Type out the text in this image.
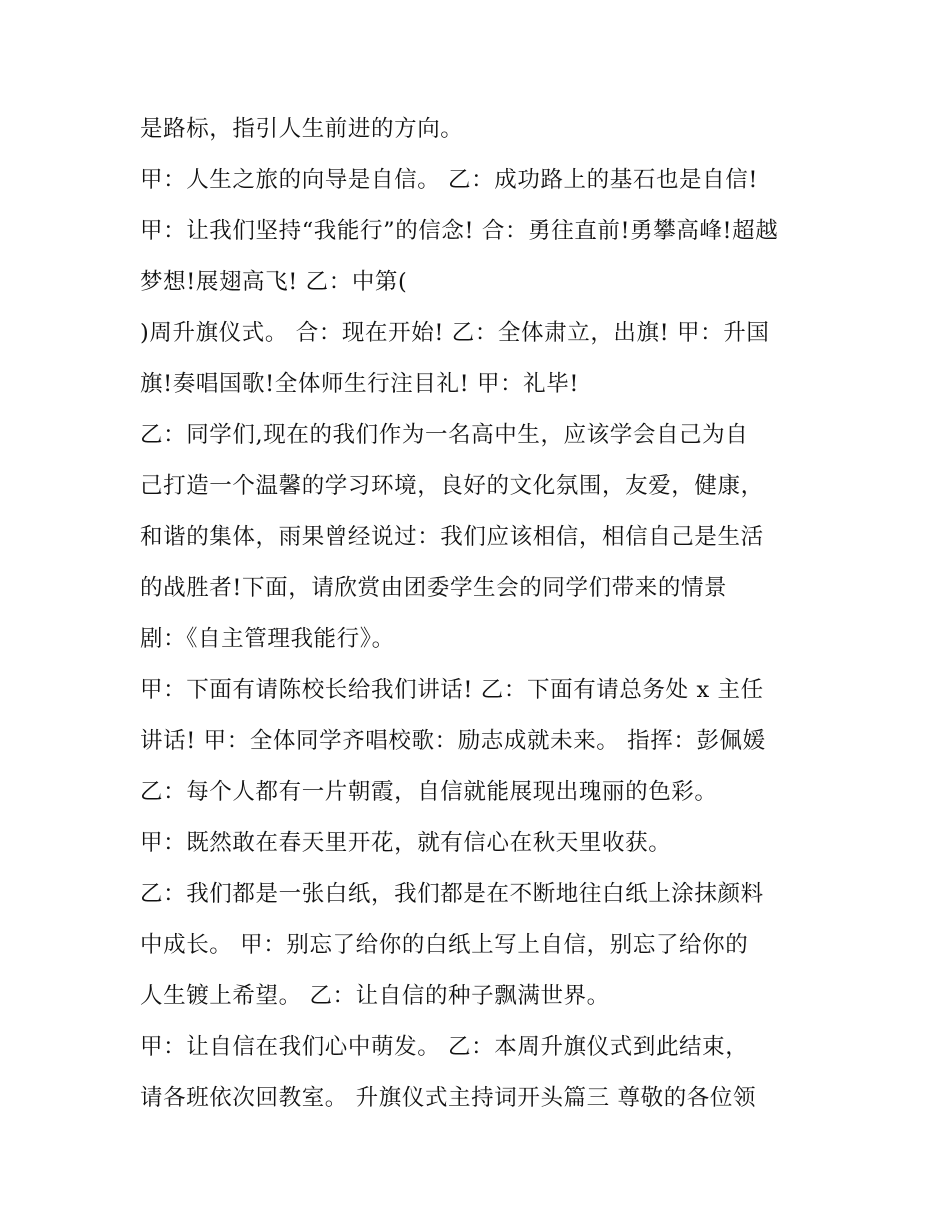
是路标，指引人生前进的方向。
甲：人生之旅的向导是自信。 乙：成功路上的基石也是自信!
甲：让我们坚持“我能行”的信念! 合：勇往直前!勇攀高峰!超越
梦想!展翅高飞! 乙：中第(
)周升旗仪式。 合：现在开始! 乙：全体肃立，出旗! 甲：升国
旗!奏唱国歌!全体师生行注目礼! 甲：礼毕!
乙：同学们,现在的我们作为一名高中生，应该学会自己为自
己打造一个温馨的学习环境，良好的文化氛围，友爱，健康，
和谐的集体，雨果曾经说过：我们应该相信，相信自己是生活
的战胜者!下面，请欣赏由团委学生会的同学们带来的情景
剧：《自主管理我能行》。
甲：下面有请陈校长给我们讲话! 乙：下面有请总务处 x 主任
讲话! 甲：全体同学齐唱校歌：励志成就未来。 指挥：彭佩媛
乙：每个人都有一片朝霞，自信就能展现出瑰丽的色彩。
甲：既然敢在春天里开花，就有信心在秋天里收获。
乙：我们都是一张白纸，我们都是在不断地往白纸上涂抹颜料
中成长。 甲：别忘了给你的白纸上写上自信，别忘了给你的
人生镀上希望。 乙：让自信的种子飘满世界。
甲：让自信在我们心中萌发。 乙：本周升旗仪式到此结束，
请各班依次回教室。 升旗仪式主持词开头篇三 尊敬的各位领
